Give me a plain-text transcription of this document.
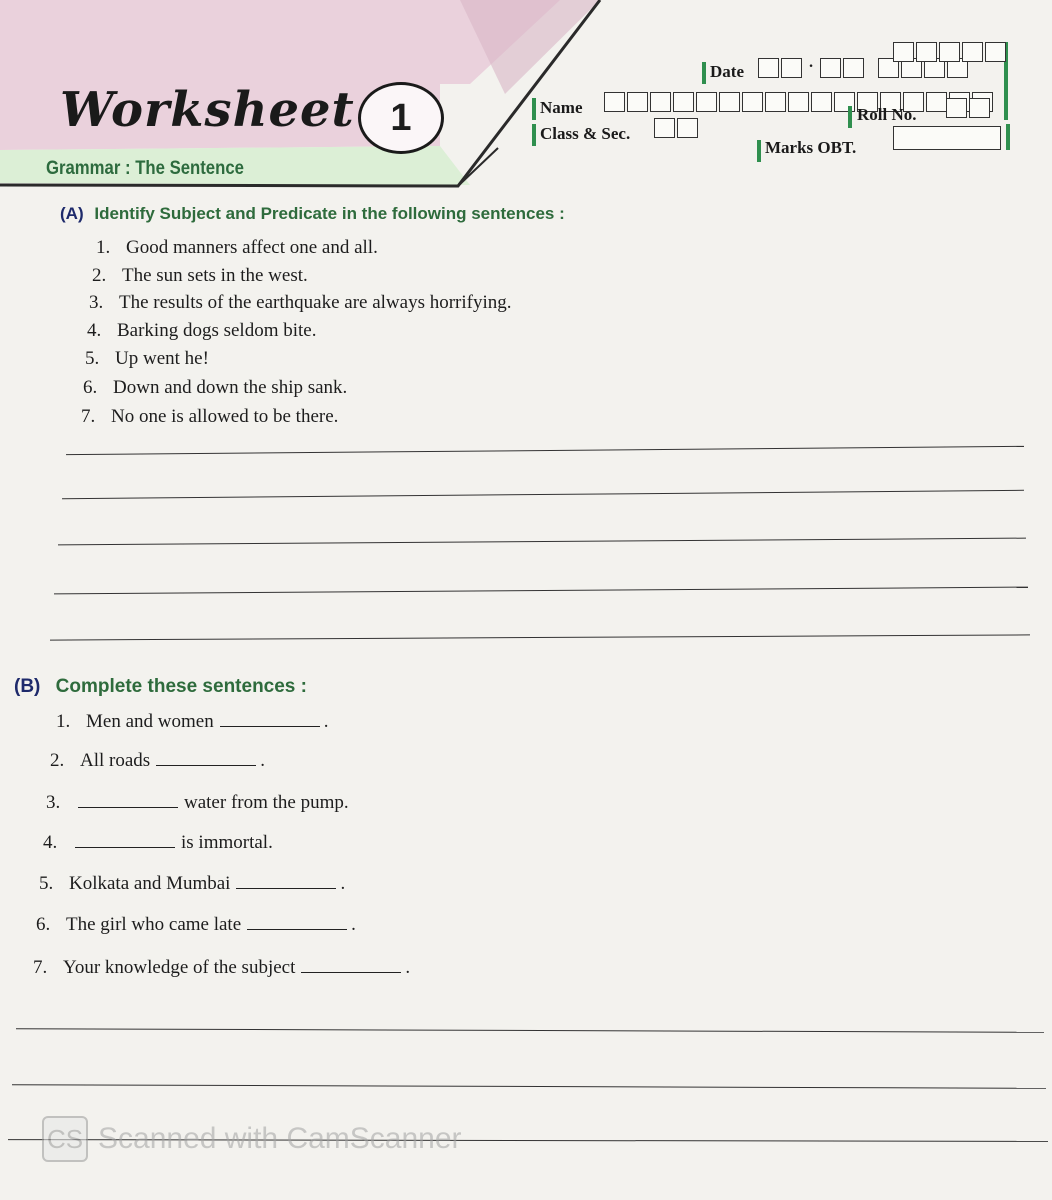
Worksheet 1
Grammar : The Sentence
Date	·
Name
Class & Sec.
Roll No.
Marks OBT.
(A) Identify Subject and Predicate in the following sentences :
1. Good manners affect one and all.
2. The sun sets in the west.
3. The results of the earthquake are always horrifying.
4. Barking dogs seldom bite.
5. Up went he!
6. Down and down the ship sank.
7. No one is allowed to be there.
(B) Complete these sentences :
1. Men and women	.
2. All roads	.
3.	water from the pump.
4.	is immortal.
5. Kolkata and Mumbai	.
6. The girl who came late	.
7. Your knowledge of the subject	.
CS Scanned with CamScanner
